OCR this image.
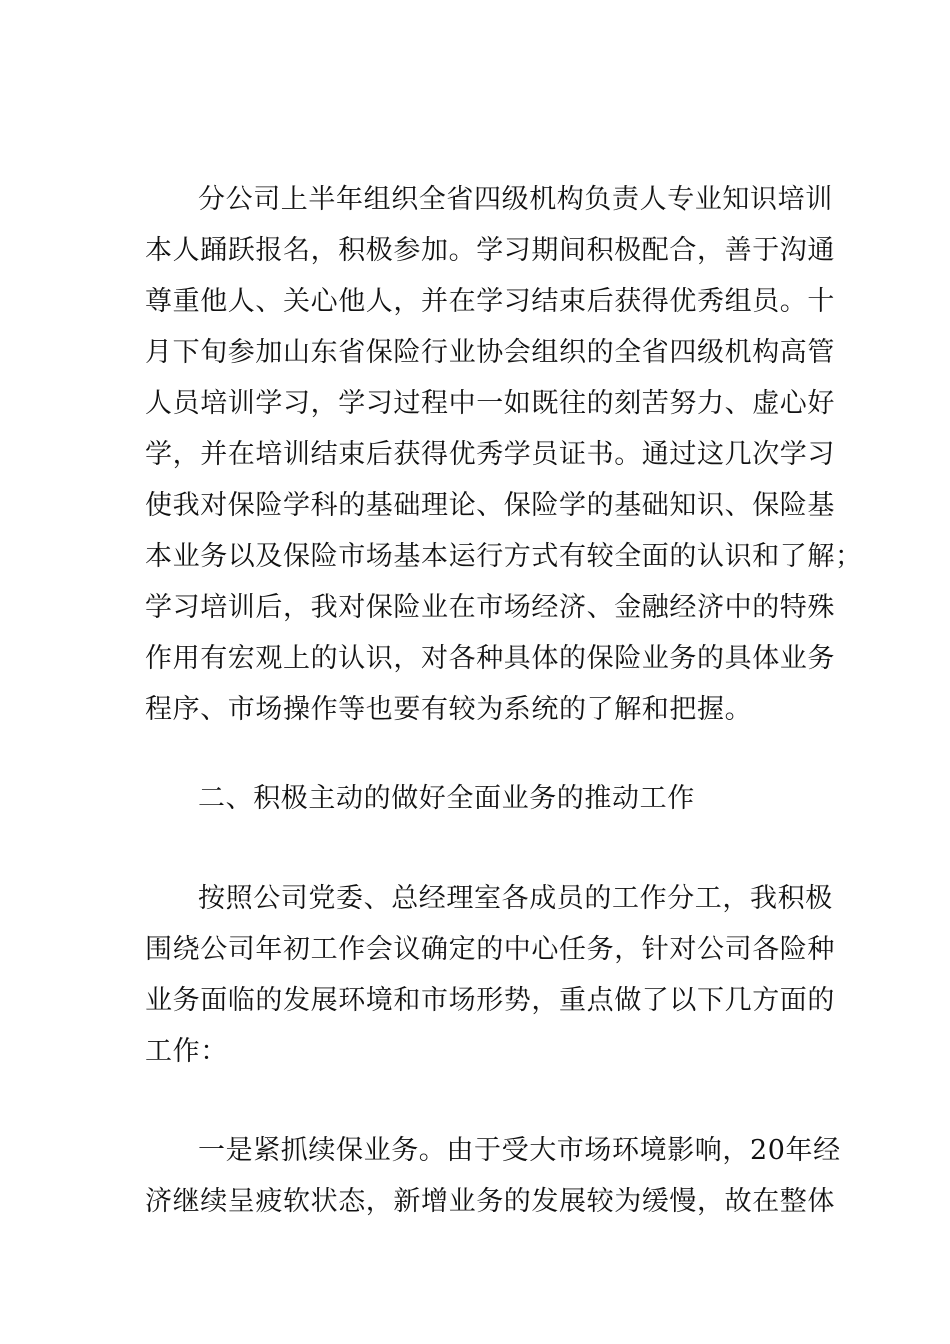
分公司上半年组织全省四级机构负责人专业知识培训

本人踊跃报名，积极参加。学习期间积极配合，善于沟通

尊重他人、关心他人，并在学习结束后获得优秀组员。十

月下旬参加山东省保险行业协会组织的全省四级机构高管

人员培训学习，学习过程中一如既往的刻苦努力、虚心好

学，并在培训结束后获得优秀学员证书。通过这几次学习

使我对保险学科的基础理论、保险学的基础知识、保险基

本业务以及保险市场基本运行方式有较全面的认识和了解；

学习培训后，我对保险业在市场经济、金融经济中的特殊

作用有宏观上的认识，对各种具体的保险业务的具体业务

程序、市场操作等也要有较为系统的了解和把握。

二、积极主动的做好全面业务的推动工作

按照公司党委、总经理室各成员的工作分工，我积极

围绕公司年初工作会议确定的中心任务，针对公司各险种

业务面临的发展环境和市场形势，重点做了以下几方面的

工作：

一是紧抓续保业务。由于受大市场环境影响，20年经

济继续呈疲软状态，新增业务的发展较为缓慢，故在整体
